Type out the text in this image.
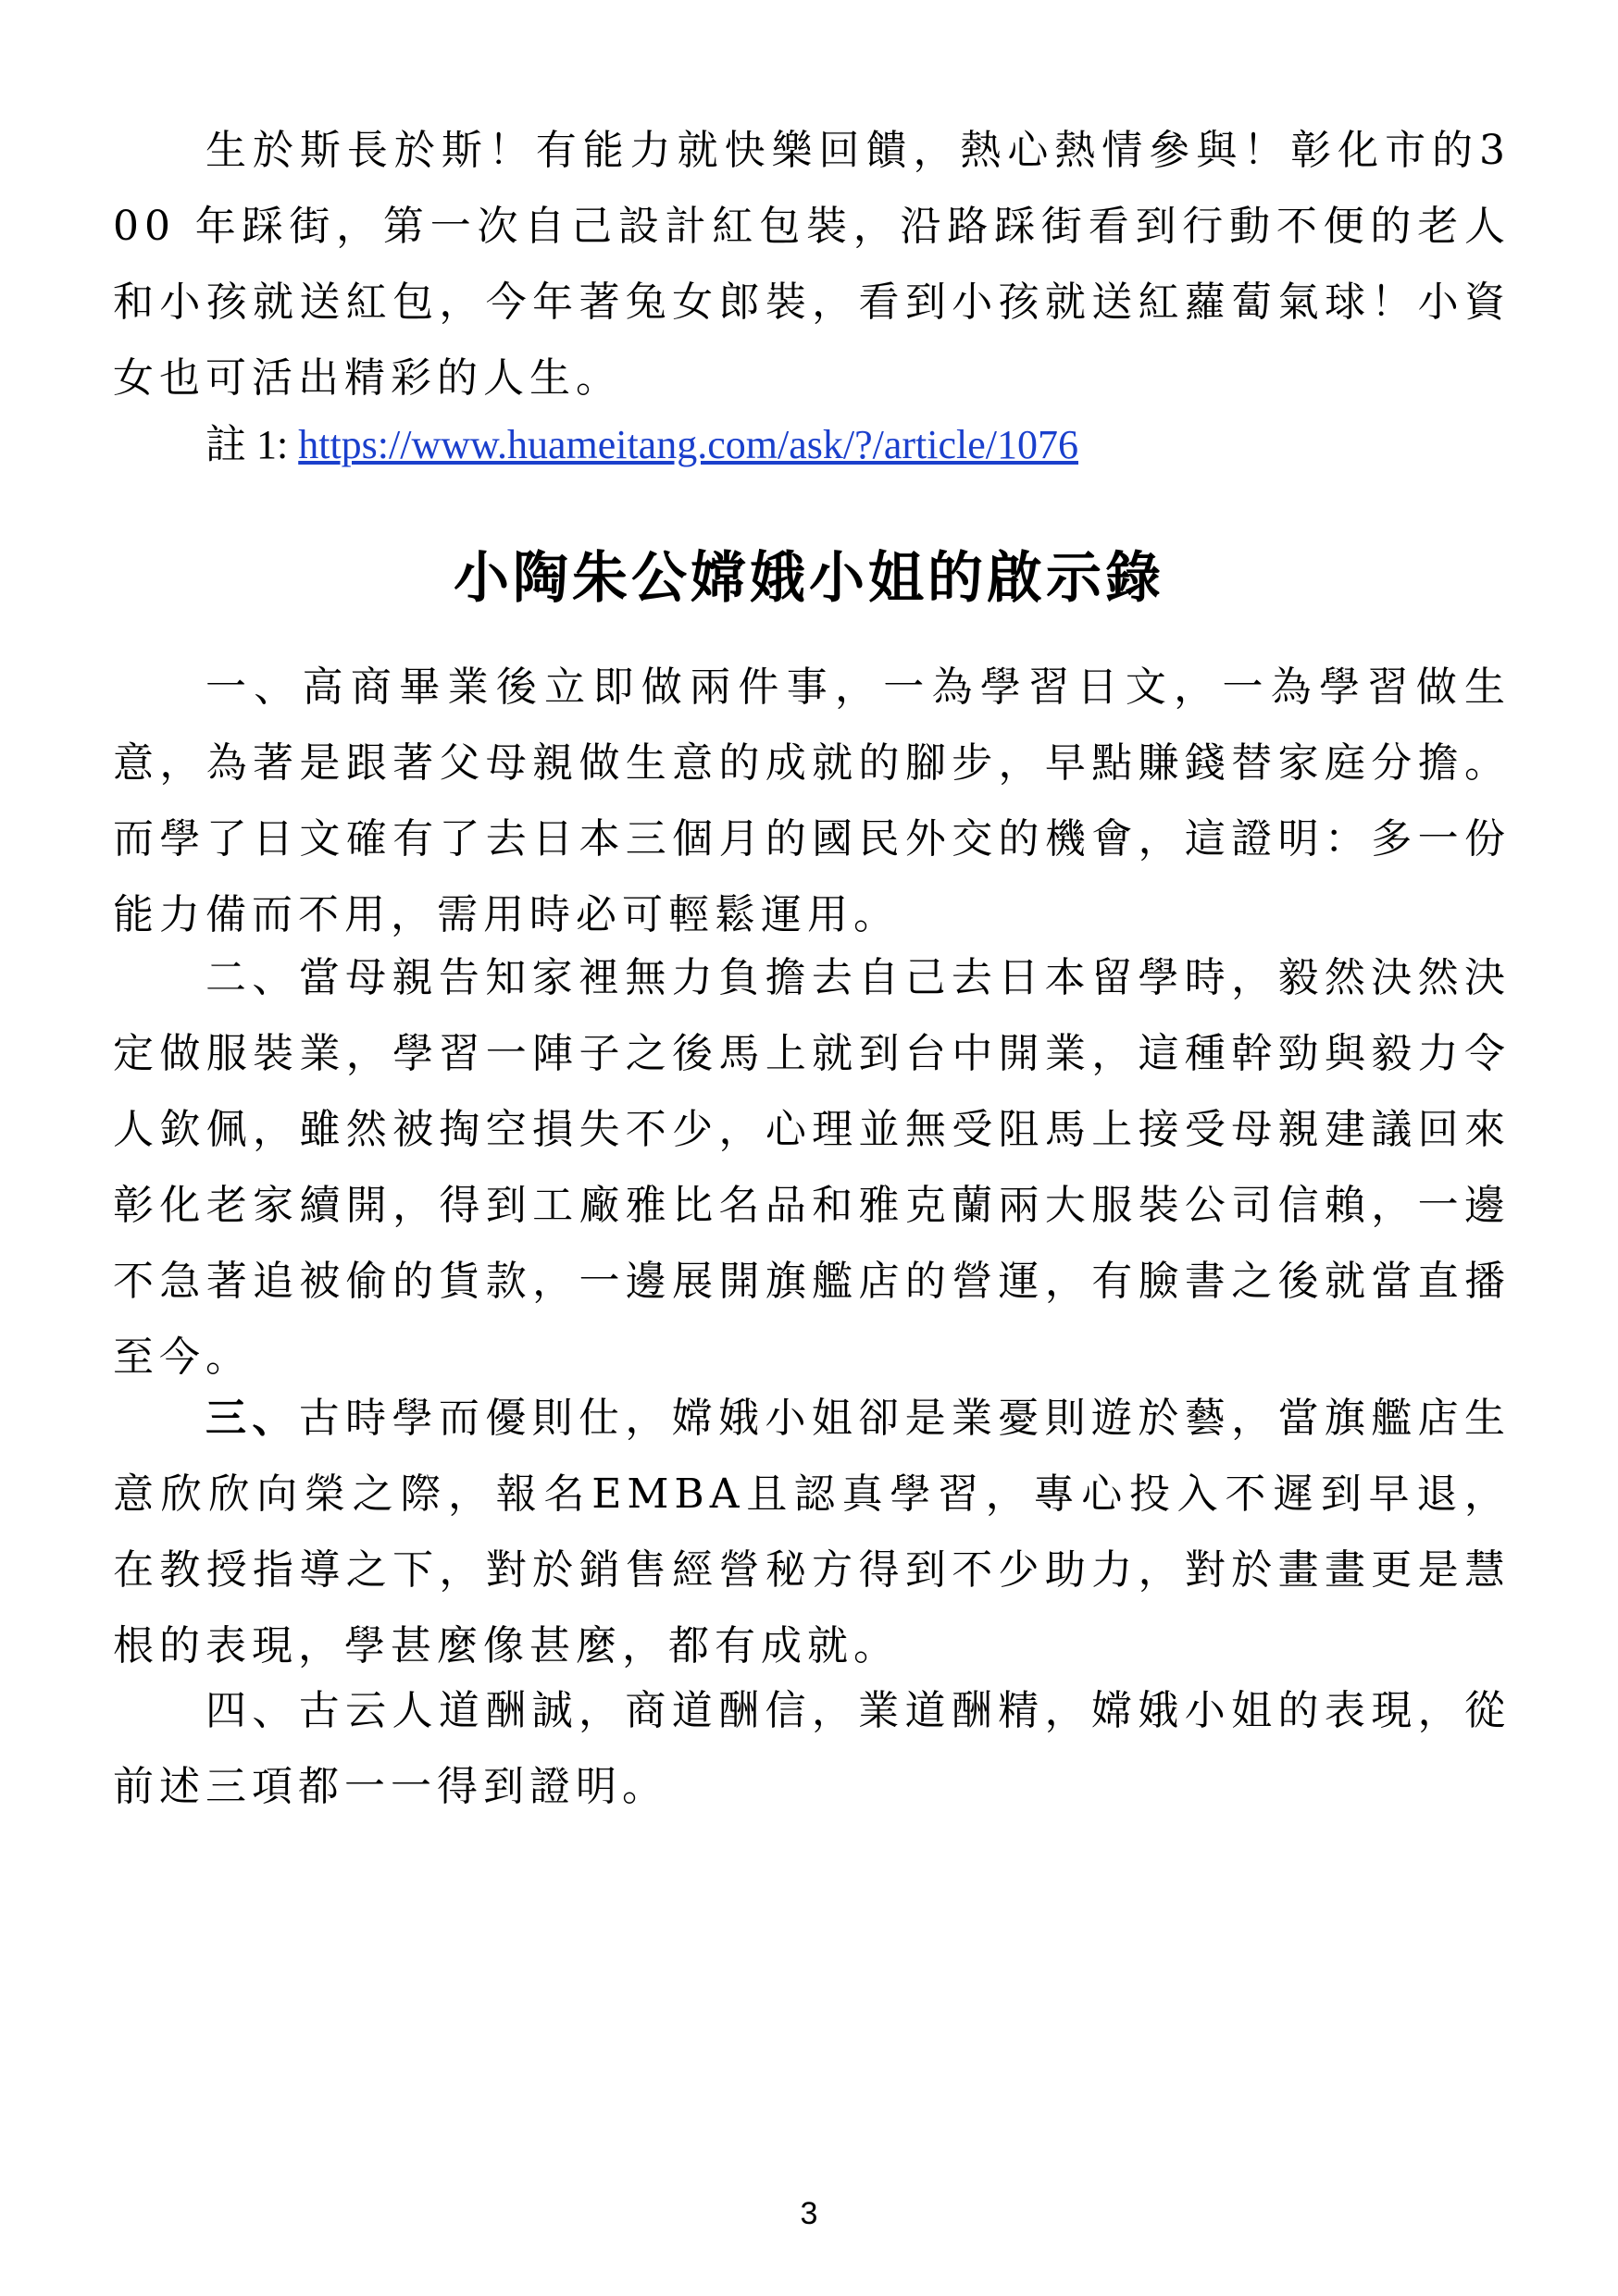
生於斯長於斯！有能力就快樂回饋，熱心熱情參與！彰化市的300 年踩街，第一次自己設計紅包裝，沿路踩街看到行動不便的老人和小孩就送紅包，今年著兔女郎裝，看到小孩就送紅蘿蔔氣球！小資女也可活出精彩的人生。

註 1: https://www.huameitang.com/ask/?/article/1076

小陶朱公嫦娥小姐的啟示錄

一、高商畢業後立即做兩件事，一為學習日文，一為學習做生意，為著是跟著父母親做生意的成就的腳步，早點賺錢替家庭分擔。而學了日文確有了去日本三個月的國民外交的機會，這證明：多一份能力備而不用，需用時必可輕鬆運用。

二、當母親告知家裡無力負擔去自己去日本留學時，毅然決然決定做服裝業，學習一陣子之後馬上就到台中開業，這種幹勁與毅力令人欽佩，雖然被掏空損失不少，心理並無受阻馬上接受母親建議回來彰化老家續開，得到工廠雅比名品和雅克蘭兩大服裝公司信賴，一邊不急著追被偷的貨款，一邊展開旗艦店的營運，有臉書之後就當直播至今。

三、古時學而優則仕，嫦娥小姐卻是業憂則遊於藝，當旗艦店生意欣欣向榮之際，報名EMBA且認真學習，專心投入不遲到早退，在教授指導之下，對於銷售經營秘方得到不少助力，對於畫畫更是慧根的表現，學甚麼像甚麼，都有成就。

四、古云人道酬誠，商道酬信，業道酬精，嫦娥小姐的表現，從前述三項都一一得到證明。

3
